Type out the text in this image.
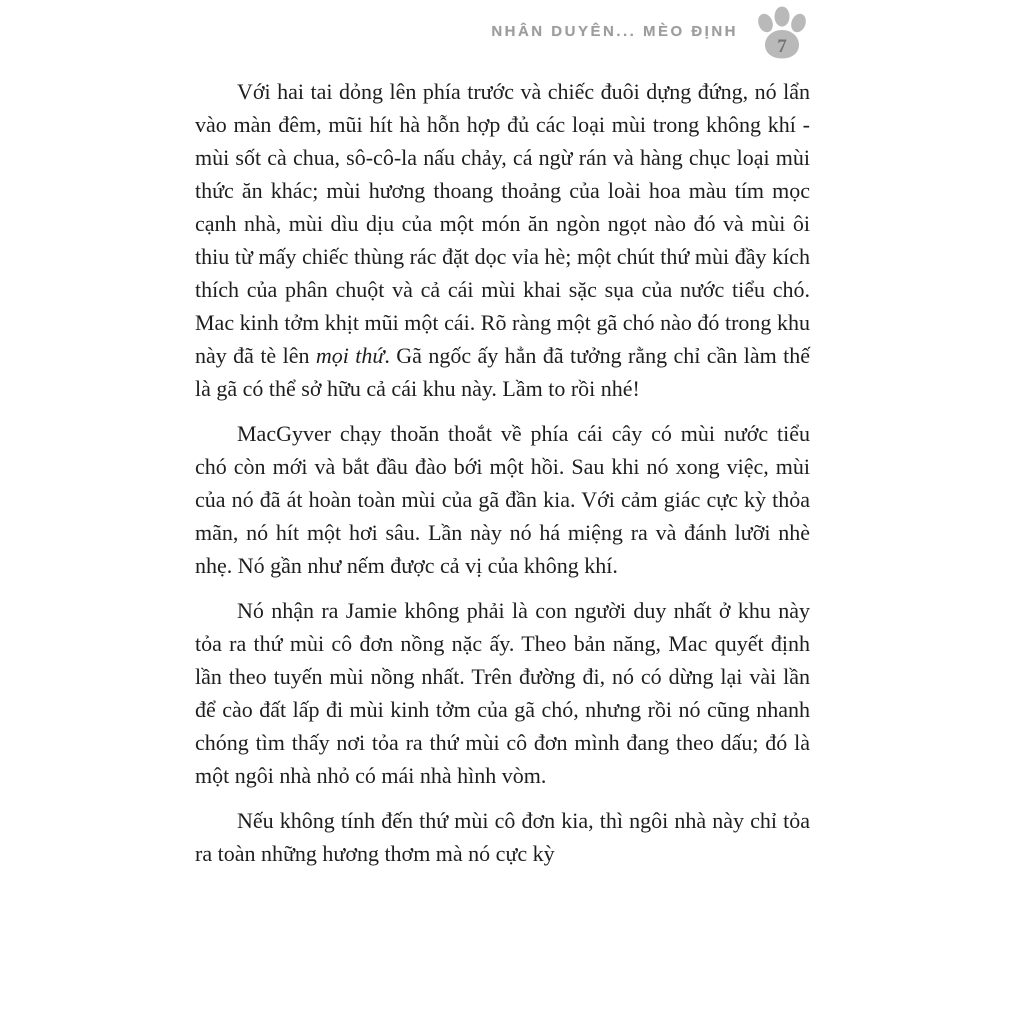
NHÂN DUYÊN... MÈO ĐỊNH
7

Với hai tai dỏng lên phía trước và chiếc đuôi dựng đứng, nó lẩn vào màn đêm, mũi hít hà hỗn hợp đủ các loại mùi trong không khí - mùi sốt cà chua, sô-cô-la nấu chảy, cá ngừ rán và hàng chục loại mùi thức ăn khác; mùi hương thoang thoảng của loài hoa màu tím mọc cạnh nhà, mùi dìu dịu của một món ăn ngòn ngọt nào đó và mùi ôi thiu từ mấy chiếc thùng rác đặt dọc vỉa hè; một chút thứ mùi đầy kích thích của phân chuột và cả cái mùi khai sặc sụa của nước tiểu chó. Mac kinh tởm khịt mũi một cái. Rõ ràng một gã chó nào đó trong khu này đã tè lên mọi thứ. Gã ngốc ấy hẳn đã tưởng rằng chỉ cần làm thế là gã có thể sở hữu cả cái khu này. Lầm to rồi nhé!

MacGyver chạy thoăn thoắt về phía cái cây có mùi nước tiểu chó còn mới và bắt đầu đào bới một hồi. Sau khi nó xong việc, mùi của nó đã át hoàn toàn mùi của gã đần kia. Với cảm giác cực kỳ thỏa mãn, nó hít một hơi sâu. Lần này nó há miệng ra và đánh lưỡi nhè nhẹ. Nó gần như nếm được cả vị của không khí.

Nó nhận ra Jamie không phải là con người duy nhất ở khu này tỏa ra thứ mùi cô đơn nồng nặc ấy. Theo bản năng, Mac quyết định lần theo tuyến mùi nồng nhất. Trên đường đi, nó có dừng lại vài lần để cào đất lấp đi mùi kinh tởm của gã chó, nhưng rồi nó cũng nhanh chóng tìm thấy nơi tỏa ra thứ mùi cô đơn mình đang theo dấu; đó là một ngôi nhà nhỏ có mái nhà hình vòm.

Nếu không tính đến thứ mùi cô đơn kia, thì ngôi nhà này chỉ tỏa ra toàn những hương thơm mà nó cực kỳ
